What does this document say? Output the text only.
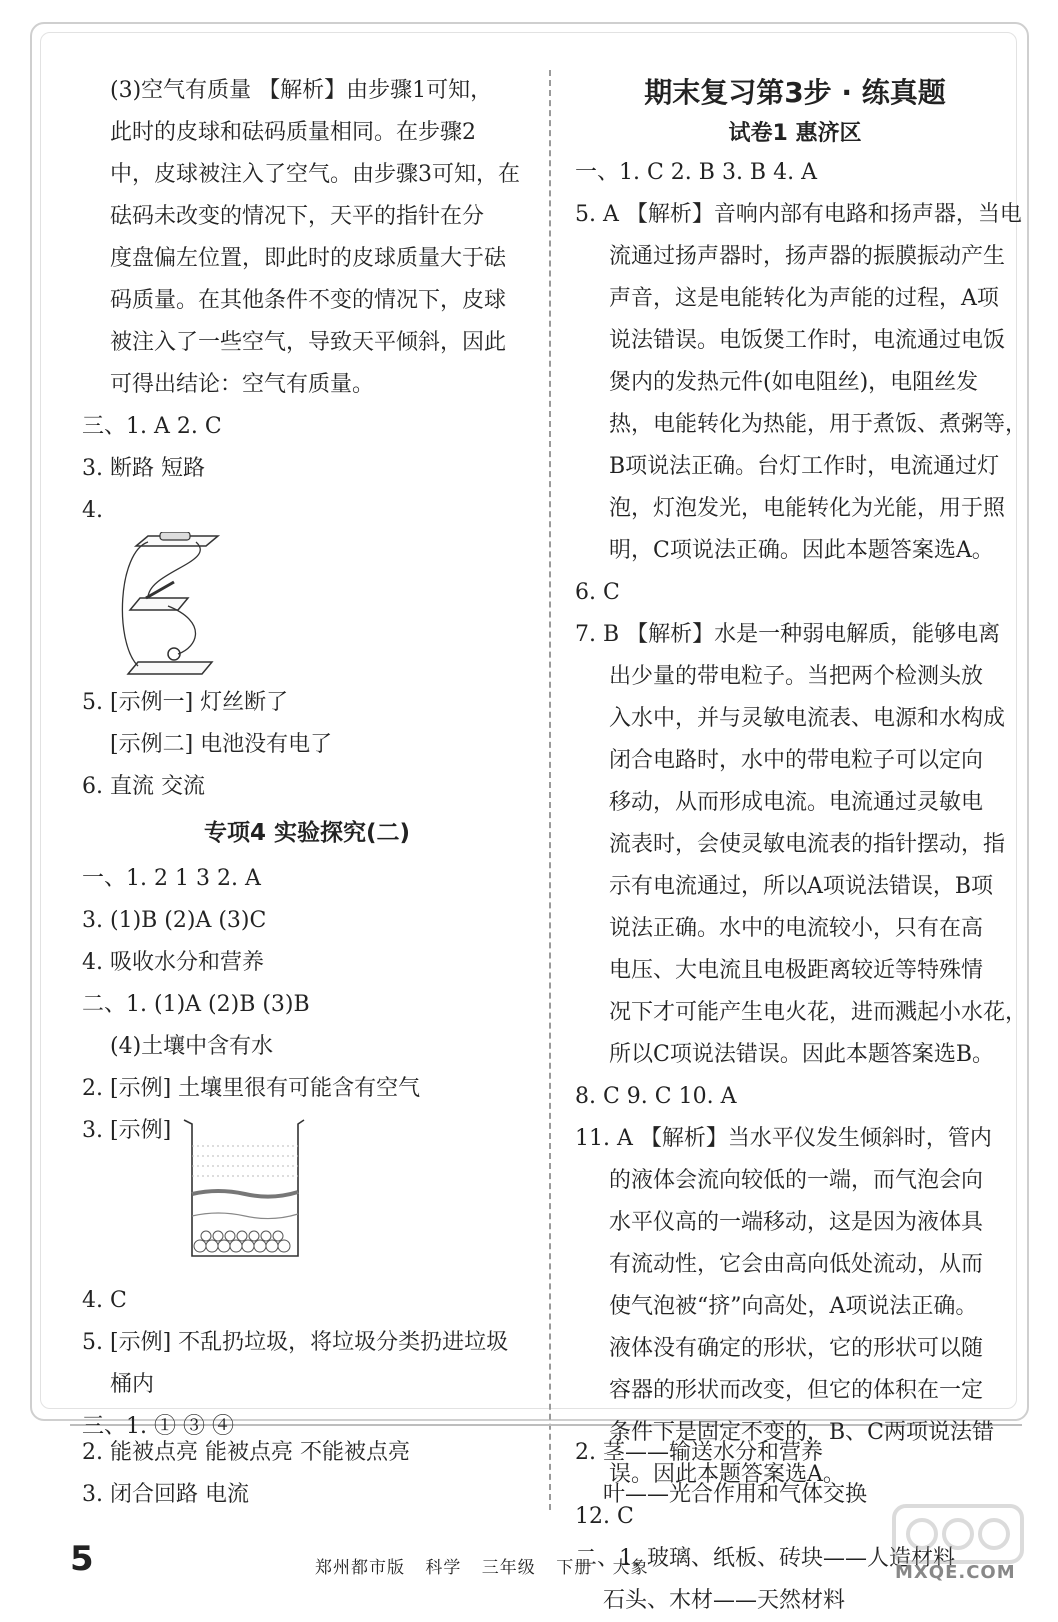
(3)空气有质量 【解析】由步骤1可知，
此时的皮球和砝码质量相同。在步骤2
中，皮球被注入了空气。由步骤3可知，在
砝码未改变的情况下，天平的指针在分
度盘偏左位置，即此时的皮球质量大于砝
码质量。在其他条件不变的情况下，皮球
被注入了一些空气，导致天平倾斜，因此
可得出结论：空气有质量。
三、1. A 2. C
3. 断路 短路
4.
5. [示例一] 灯丝断了
[示例二] 电池没有电了
6. 直流 交流
专项4 实验探究(二)
一、1. 2 1 3 2. A
3. (1)B (2)A (3)C
4. 吸收水分和营养
二、1. (1)A (2)B (3)B
(4)土壤中含有水
2. [示例] 土壤里很有可能含有空气
3. [示例]
4. C
5. [示例] 不乱扔垃圾，将垃圾分类扔进垃圾
桶内
三、1. ① ③ ④
2. 能被点亮 能被点亮 不能被点亮
3. 闭合回路 电流
期末复习第3步 · 练真题
试卷1 惠济区
一、1. C 2. B 3. B 4. A
5. A 【解析】音响内部有电路和扬声器，当电
流通过扬声器时，扬声器的振膜振动产生
声音，这是电能转化为声能的过程，A项
说法错误。电饭煲工作时，电流通过电饭
煲内的发热元件(如电阻丝)，电阻丝发
热，电能转化为热能，用于煮饭、煮粥等，
B项说法正确。台灯工作时，电流通过灯
泡，灯泡发光，电能转化为光能，用于照
明，C项说法正确。因此本题答案选A。
6. C
7. B 【解析】水是一种弱电解质，能够电离
出少量的带电粒子。当把两个检测头放
入水中，并与灵敏电流表、电源和水构成
闭合电路时，水中的带电粒子可以定向
移动，从而形成电流。电流通过灵敏电
流表时，会使灵敏电流表的指针摆动，指
示有电流通过，所以A项说法错误，B项
说法正确。水中的电流较小，只有在高
电压、大电流且电极距离较近等特殊情
况下才可能产生电火花，进而溅起小水花，
所以C项说法错误。因此本题答案选B。
8. C 9. C 10. A
11. A 【解析】当水平仪发生倾斜时，管内
的液体会流向较低的一端，而气泡会向
水平仪高的一端移动，这是因为液体具
有流动性，它会由高向低处流动，从而
使气泡被“挤”向高处，A项说法正确。
液体没有确定的形状，它的形状可以随
容器的形状而改变，但它的体积在一定
条件下是固定不变的，B、C两项说法错
误。因此本题答案选A。
12. C
二、1. 玻璃、纸板、砖块——人造材料
石头、木材——天然材料
2. 茎——输送水分和营养
叶——光合作用和气体交换
5	郑州都市版 科学 三年级 下册 大象	MXQE.COM
